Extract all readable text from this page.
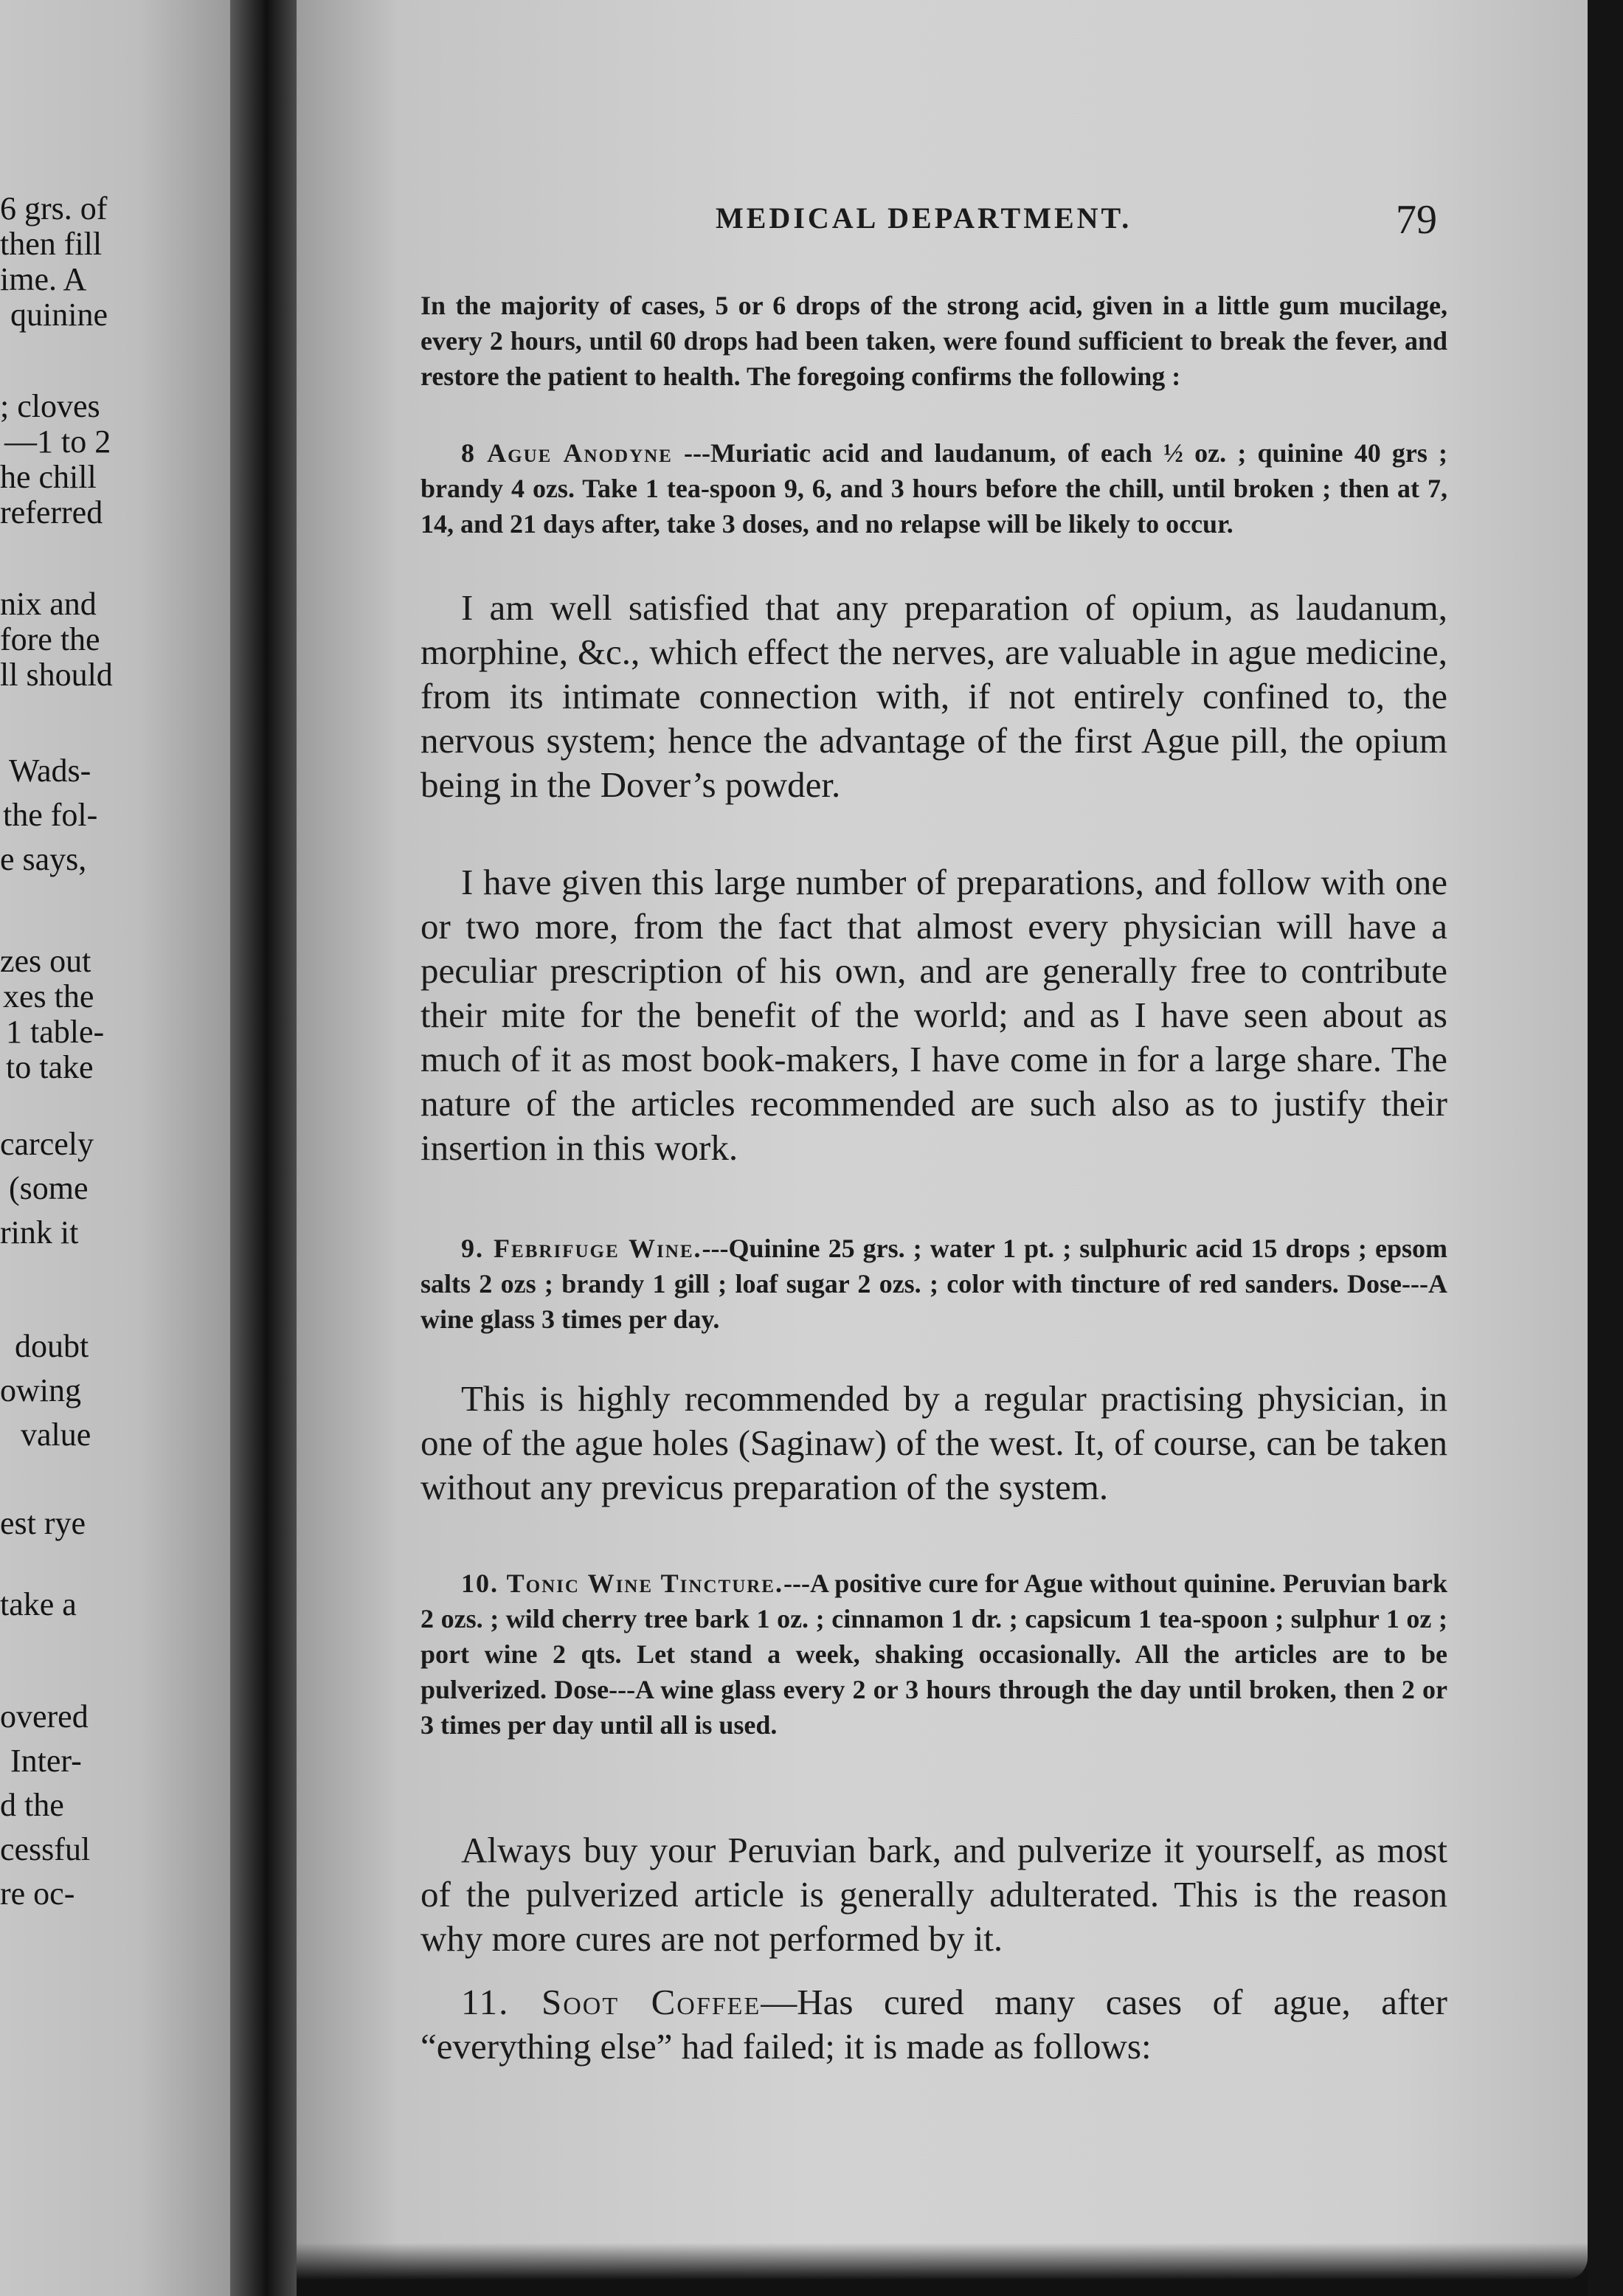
6 grs. of
then fill
ime. A
quinine
; cloves
—1 to 2
he chill
referred
nix and
fore the
ll should
Wads-
the fol-
e says,
zes out
xes the
1 table-
to take
carcely
(some
rink it
doubt
owing
value
est rye
take a
overed
Inter-
d the
cessful
re oc-
MEDICAL DEPARTMENT.	79

In the majority of cases, 5 or 6 drops of the strong acid, given in a little gum mucilage, every 2 hours, until 60 drops had been taken, were found sufficient to break the fever, and restore the patient to health. The foregoing confirms the following :

8 Ague Anodyne ---Muriatic acid and laudanum, of each ½ oz. ; quinine 40 grs ; brandy 4 ozs. Take 1 tea-spoon 9, 6, and 3 hours before the chill, until broken ; then at 7, 14, and 21 days after, take 3 doses, and no relapse will be likely to occur.

I am well satisfied that any preparation of opium, as laudanum, morphine, &c., which effect the nerves, are valuable in ague medicine, from its intimate connection with, if not entirely confined to, the nervous system; hence the advantage of the first Ague pill, the opium being in the Dover’s powder.

I have given this large number of preparations, and follow with one or two more, from the fact that almost every physician will have a peculiar prescription of his own, and are generally free to contribute their mite for the benefit of the world; and as I have seen about as much of it as most book-makers, I have come in for a large share. The nature of the articles recommended are such also as to justify their insertion in this work.

9. Febrifuge Wine.---Quinine 25 grs. ; water 1 pt. ; sulphuric acid 15 drops ; epsom salts 2 ozs ; brandy 1 gill ; loaf sugar 2 ozs. ; color with tincture of red sanders. Dose---A wine glass 3 times per day.

This is highly recommended by a regular practising physician, in one of the ague holes (Saginaw) of the west. It, of course, can be taken without any previcus preparation of the system.

10. Tonic Wine Tincture.---A positive cure for Ague without quinine. Peruvian bark 2 ozs. ; wild cherry tree bark 1 oz. ; cinnamon 1 dr. ; capsicum 1 tea-spoon ; sulphur 1 oz ; port wine 2 qts. Let stand a week, shaking occasionally. All the articles are to be pulverized. Dose---A wine glass every 2 or 3 hours through the day until broken, then 2 or 3 times per day until all is used.

Always buy your Peruvian bark, and pulverize it yourself, as most of the pulverized article is generally adulterated. This is the reason why more cures are not performed by it.

11. Soot Coffee—Has cured many cases of ague, after “everything else” had failed; it is made as follows:
